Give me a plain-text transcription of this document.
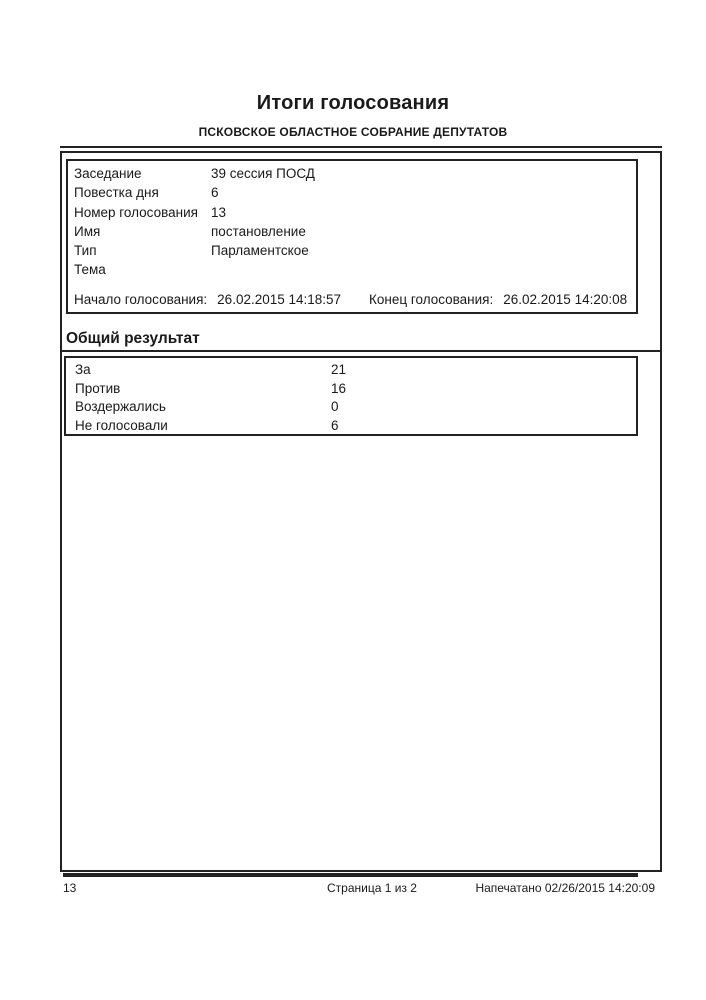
Итоги голосования
ПСКОВСКОЕ ОБЛАСТНОЕ СОБРАНИЕ ДЕПУТАТОВ
Заседание	39 сессия ПОСД
Повестка дня	6
Номер голосования 13
Имя	постановление
Тип	Парламентское
Тема
Начало голосования: 26.02.2015 14:18:57 Конец голосования: 26.02.2015 14:20:08
Общий результат
За	21
Против	16
Воздержались	0
Не голосовали	6
13	Страница 1 из 2	Напечатано 02/26/2015 14:20:09
